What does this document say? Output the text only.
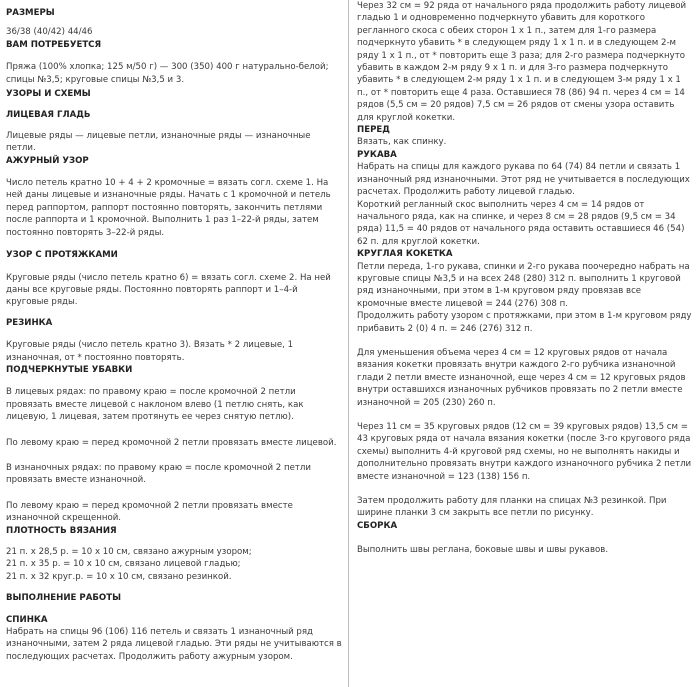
РАЗМЕРЫ

36/38 (40/42) 44/46

ВАМ ПОТРЕБУЕТСЯ

Пряжа (100% хлопка; 125 м/50 г) — 300 (350) 400 г натурально-белой; спицы №3,5; круговые спицы №3,5 и 3.

УЗОРЫ И СХЕМЫ

ЛИЦЕВАЯ ГЛАДЬ

Лицевые ряды — лицевые петли, изнаночные ряды — изнаночные петли.

АЖУРНЫЙ УЗОР

Число петель кратно 10 + 4 + 2 кромочные = вязать согл. схеме 1. На ней даны лицевые и изнаночные ряды. Начать с 1 кромочной и петель перед раппортом, раппорт постоянно повторять, закончить петлями после раппорта и 1 кромочной. Выполнить 1 раз 1–22-й ряды, затем постоянно повторять 3–22-й ряды.

УЗОР С ПРОТЯЖКАМИ

Круговые ряды (число петель кратно 6) = вязать согл. схеме 2. На ней даны все круговые ряды. Постоянно повторять раппорт и 1–4-й круговые ряды.

РЕЗИНКА

Круговые ряды (число петель кратно 3). Вязать * 2 лицевые, 1 изнаночная, от * постоянно повторять.

ПОДЧЕРКНУТЫЕ УБАВКИ

В лицевых рядах: по правому краю = после кромочной 2 петли провязать вместе лицевой с наклоном влево (1 петлю снять, как лицевую, 1 лицевая, затем протянуть ее через снятую петлю).

По левому краю = перед кромочной 2 петли провязать вместе лицевой.

В изнаночных рядах: по правому краю = после кромочной 2 петли провязать вместе изнаночной.

По левому краю = перед кромочной 2 петли провязать вместе изнаночной скрещенной.

ПЛОТНОСТЬ ВЯЗАНИЯ

21 п. х 28,5 р. = 10 х 10 см, связано ажурным узором;
21 п. х 35 р. = 10 х 10 см, связано лицевой гладью;
21 п. х 32 круг.р. = 10 х 10 см, связано резинкой.

ВЫПОЛНЕНИЕ РАБОТЫ

СПИНКА

Набрать на спицы 96 (106) 116 петель и связать 1 изнаночный ряд изнаночными, затем 2 ряда лицевой гладью. Эти ряды не учитываются в последующих расчетах. Продолжить работу ажурным узором.

Через 32 см = 92 ряда от начального ряда продолжить работу лицевой гладью 1 и одновременно подчеркнуто убавить для короткого регланного скоса с обеих сторон 1 х 1 п., затем для 1-го размера подчеркнуто убавить * в следующем ряду 1 х 1 п. и в следующем 2-м ряду 1 х 1 п., от * повторить еще 3 раза; для 2-го размера подчеркнуто убавить в каждом 2-м ряду 9 х 1 п. и для 3-го размера подчеркнуто убавить * в следующем 2-м ряду 1 х 1 п. и в следующем 3-м ряду 1 х 1 п., от * повторить еще 4 раза. Оставшиеся 78 (86) 94 п. через 4 см = 14 рядов (5,5 см = 20 рядов) 7,5 см = 26 рядов от смены узора оставить для круглой кокетки.

ПЕРЕД

Вязать, как спинку.

РУКАВА

Набрать на спицы для каждого рукава по 64 (74) 84 петли и связать 1 изнаночный ряд изнаночными. Этот ряд не учитывается в последующих расчетах. Продолжить работу лицевой гладью.

Короткий регланный скос выполнить через 4 см = 14 рядов от начального ряда, как на спинке, и через 8 см = 28 рядов (9,5 см = 34 ряда) 11,5 = 40 рядов от начального ряда оставить оставшиеся 46 (54) 62 п. для круглой кокетки.

КРУГЛАЯ КОКЕТКА

Петли переда, 1-го рукава, спинки и 2-го рукава поочередно набрать на круговые спицы №3,5 и на всех 248 (280) 312 п. выполнить 1 круговой ряд изнаночными, при этом в 1-м круговом ряду провязав все кромочные вместе лицевой = 244 (276) 308 п.

Продолжить работу узором с протяжками, при этом в 1-м круговом ряду прибавить 2 (0) 4 п. = 246 (276) 312 п.

Для уменьшения объема через 4 см = 12 круговых рядов от начала вязания кокетки провязать внутри каждого 2-го рубчика изнаночной глади 2 петли вместе изнаночной, еще через 4 см = 12 круговых рядов внутри оставшихся изнаночных рубчиков провязать по 2 петли вместе изнаночной = 205 (230) 260 п.

Через 11 см = 35 круговых рядов (12 см = 39 круговых рядов) 13,5 см = 43 круговых ряда от начала вязания кокетки (после 3-го кругового ряда схемы) выполнить 4-й круговой ряд схемы, но не выполнять накиды и дополнительно провязать внутри каждого изнаночного рубчика 2 петли вместе изнаночной = 123 (138) 156 п.

Затем продолжить работу для планки на спицах №3 резинкой. При ширине планки 3 см закрыть все петли по рисунку.

СБОРКА

Выполнить швы реглана, боковые швы и швы рукавов.
